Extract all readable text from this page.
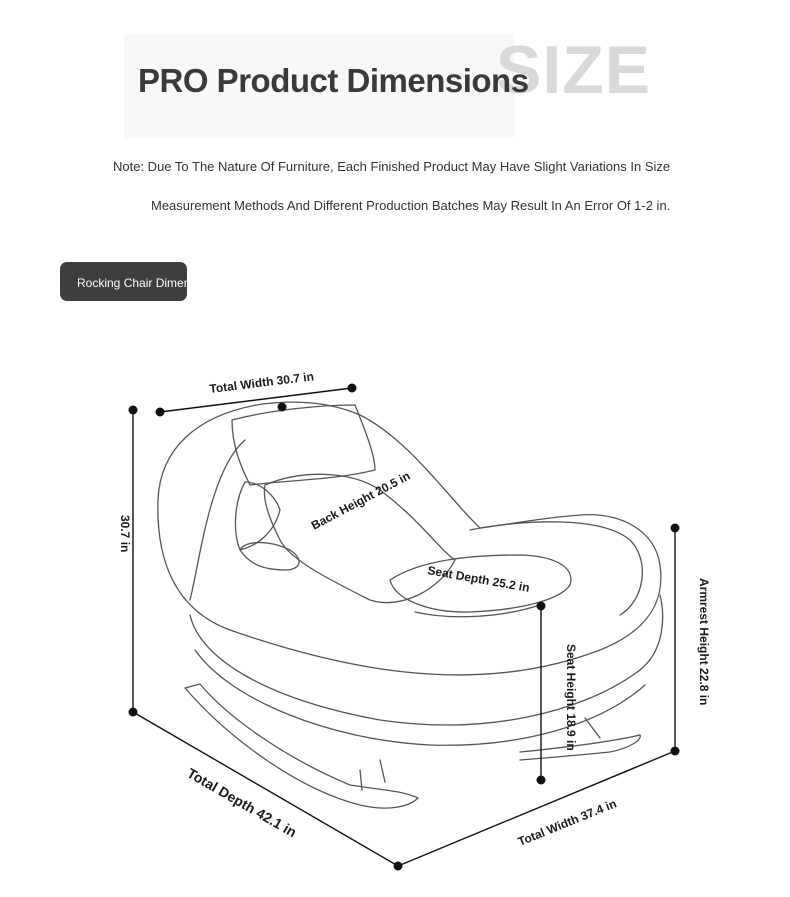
SIZE
PRO Product Dimensions
Note: Due To The Nature Of Furniture, Each Finished Product May Have Slight Variations In Size
Measurement Methods And Different Production Batches May Result In An Error Of 1-2 in.
Rocking Chair Dimensions
Total Width 30.7 in
30.7 in
Back Height 20.5 in
Seat Depth 25.2 in
Seat Height 18.9 in	Armrest Height 22.8 in
Total Depth 42.1 in	Total Width 37.4 in
